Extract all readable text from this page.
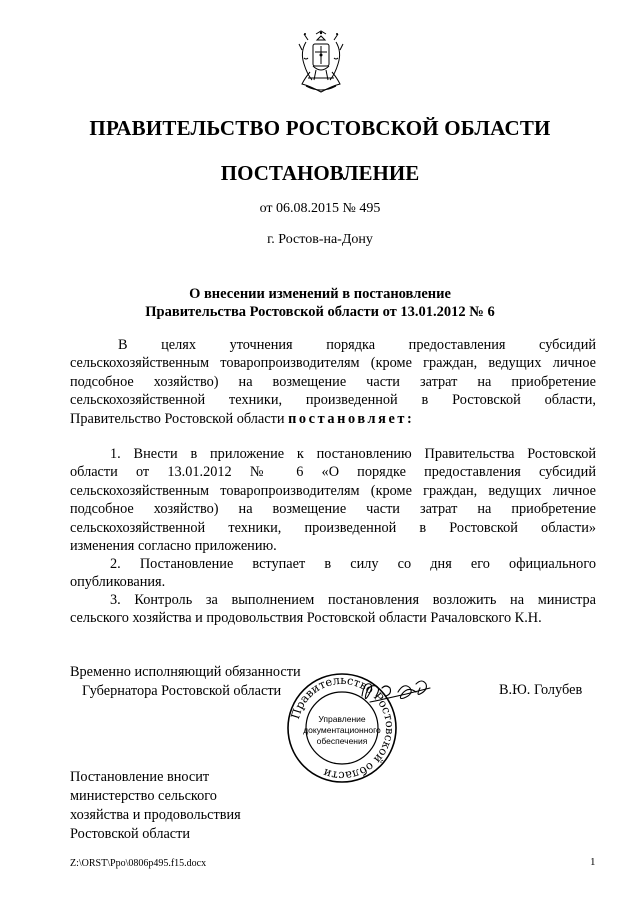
ПРАВИТЕЛЬСТВО РОСТОВСКОЙ ОБЛАСТИ
ПОСТАНОВЛЕНИЕ
от 06.08.2015 № 495
г. Ростов-на-Дону
О внесении изменений в постановление
Правительства Ростовской области от 13.01.2012 № 6
В целях уточнения порядка предоставления субсидий
сельскохозяйственным товаропроизводителям (кроме граждан, ведущих личное
подсобное хозяйство) на возмещение части затрат на приобретение
сельскохозяйственной техники, произведенной в Ростовской области,
Правительство Ростовской области постановляет:
1. Внести в приложение к постановлению Правительства Ростовской
области от 13.01.2012 № 6 «О порядке предоставления субсидий
сельскохозяйственным товаропроизводителям (кроме граждан, ведущих личное
подсобное хозяйство) на возмещение части затрат на приобретение
сельскохозяйственной техники, произведенной в Ростовской области»
изменения согласно приложению.
2. Постановление вступает в силу со дня его официального
опубликования.
3. Контроль за выполнением постановления возложить на министра
сельского хозяйства и продовольствия Ростовской области Рачаловского К.Н.
Временно исполняющий обязанности
Губернатора Ростовской области
Правительство Ростовской области
Управление
документационного
обеспечения
В.Ю. Голубев
Постановление вносит
министерство сельского
хозяйства и продовольствия
Ростовской области
Z:\ORST\Ppo\0806p495.f15.docx	1
